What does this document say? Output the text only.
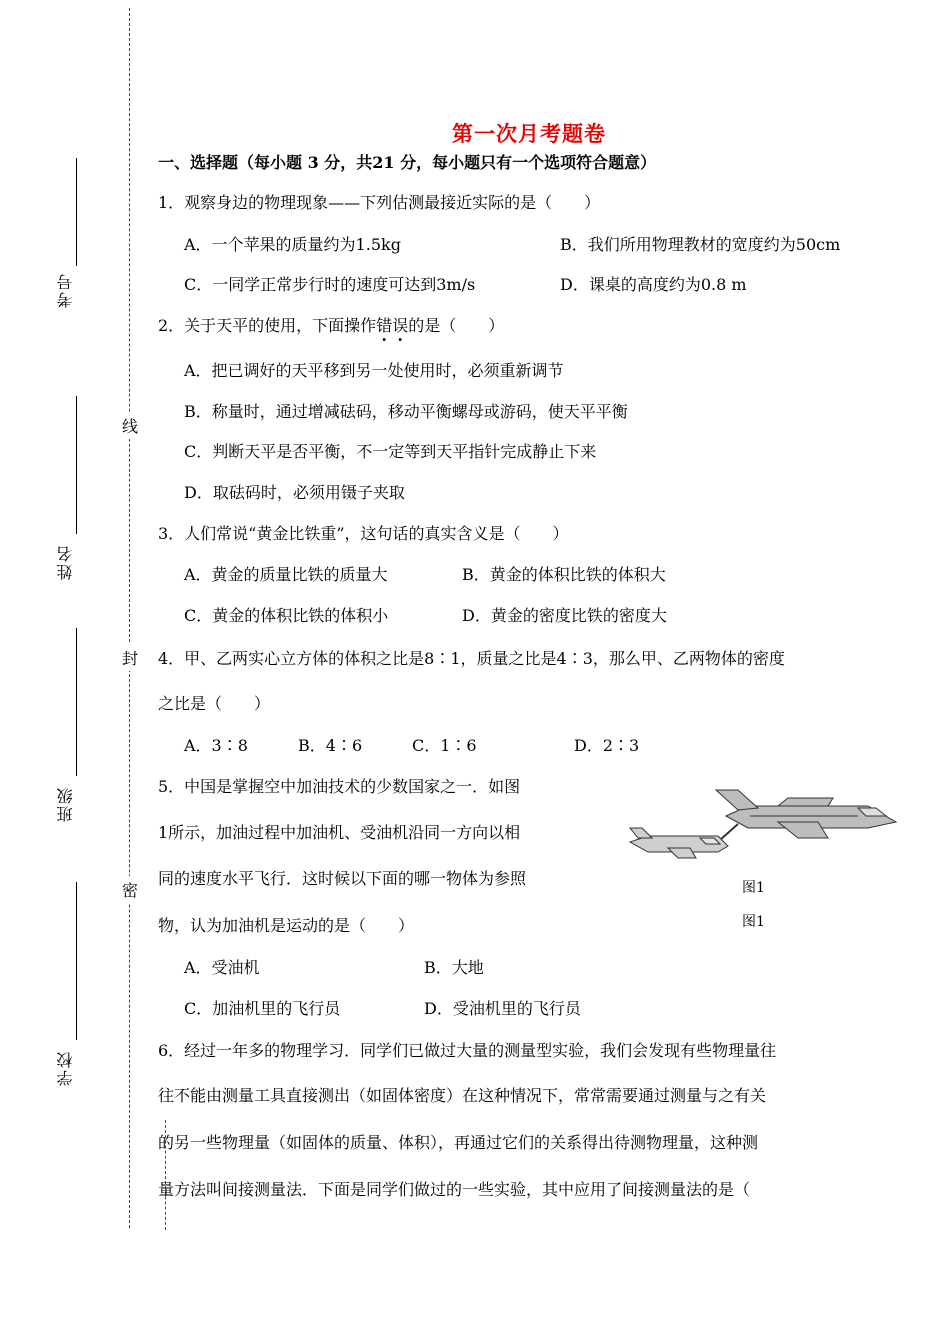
考号
姓名
班级
学校
线
封
密
第一次月考题卷
一、选择题（每小题 3 分，共21 分，每小题只有一个选项符合题意）
1．观察身边的物理现象——下列估测最接近实际的是（　　）
A．一个苹果的质量约为1.5kg	B．我们所用物理教材的宽度约为50cm
C．一同学正常步行时的速度可达到3m/s	D．课桌的高度约为0.8 m
2．关于天平的使用，下面操作错误的是（　　）
A．把已调好的天平移到另一处使用时，必须重新调节
B．称量时，通过增减砝码，移动平衡螺母或游码，使天平平衡
C．判断天平是否平衡，不一定等到天平指针完成静止下来
D．取砝码时，必须用镊子夹取
3．人们常说“黄金比铁重”，这句话的真实含义是（　　）
A．黄金的质量比铁的质量大	B．黄金的体积比铁的体积大
C．黄金的体积比铁的体积小	D．黄金的密度比铁的密度大
4．甲、乙两实心立方体的体积之比是8∶1，质量之比是4∶3，那么甲、乙两物体的密度
之比是（　　）
A．3∶8	B．4∶6	C．1∶6	D．2∶3
5．中国是掌握空中加油技术的少数国家之一．如图
1所示，加油过程中加油机、受油机沿同一方向以相
同的速度水平飞行．这时候以下面的哪一物体为参照
物，认为加油机是运动的是（　　）
A．受油机	B．大地
C．加油机里的飞行员	D．受油机里的飞行员
图1
图1
6．经过一年多的物理学习．同学们已做过大量的测量型实验，我们会发现有些物理量往
往不能由测量工具直接测出（如固体密度）在这种情况下，常常需要通过测量与之有关
的另一些物理量（如固体的质量、体积），再通过它们的关系得出待测物理量，这种测
量方法叫间接测量法．下面是同学们做过的一些实验，其中应用了间接测量法的是（
